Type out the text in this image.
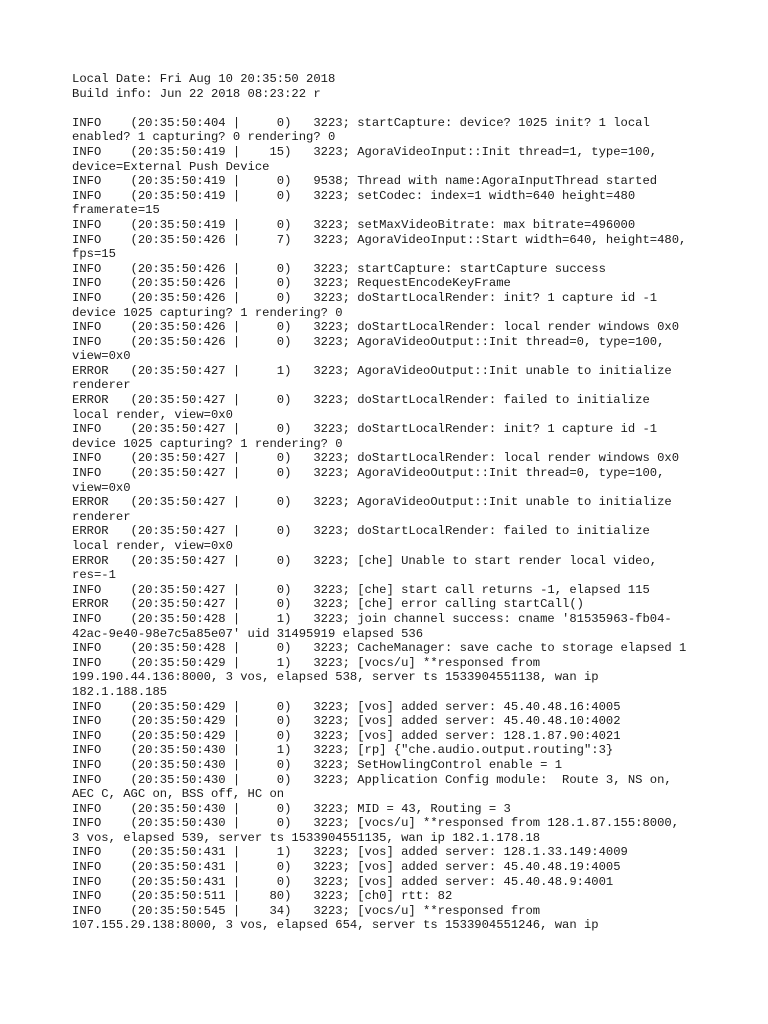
Local Date: Fri Aug 10 20:35:50 2018
Build info: Jun 22 2018 08:23:22 r
INFO    (20:35:50:404 |     0)   3223; startCapture: device? 1025 init? 1 local
enabled? 1 capturing? 0 rendering? 0
INFO    (20:35:50:419 |    15)   3223; AgoraVideoInput::Init thread=1, type=100,
device=External Push Device
INFO    (20:35:50:419 |     0)   9538; Thread with name:AgoraInputThread started
INFO    (20:35:50:419 |     0)   3223; setCodec: index=1 width=640 height=480
framerate=15
INFO    (20:35:50:419 |     0)   3223; setMaxVideoBitrate: max bitrate=496000
INFO    (20:35:50:426 |     7)   3223; AgoraVideoInput::Start width=640, height=480,
fps=15
INFO    (20:35:50:426 |     0)   3223; startCapture: startCapture success
INFO    (20:35:50:426 |     0)   3223; RequestEncodeKeyFrame
INFO    (20:35:50:426 |     0)   3223; doStartLocalRender: init? 1 capture id -1
device 1025 capturing? 1 rendering? 0
INFO    (20:35:50:426 |     0)   3223; doStartLocalRender: local render windows 0x0
INFO    (20:35:50:426 |     0)   3223; AgoraVideoOutput::Init thread=0, type=100,
view=0x0
ERROR   (20:35:50:427 |     1)   3223; AgoraVideoOutput::Init unable to initialize
renderer
ERROR   (20:35:50:427 |     0)   3223; doStartLocalRender: failed to initialize
local render, view=0x0
INFO    (20:35:50:427 |     0)   3223; doStartLocalRender: init? 1 capture id -1
device 1025 capturing? 1 rendering? 0
INFO    (20:35:50:427 |     0)   3223; doStartLocalRender: local render windows 0x0
INFO    (20:35:50:427 |     0)   3223; AgoraVideoOutput::Init thread=0, type=100,
view=0x0
ERROR   (20:35:50:427 |     0)   3223; AgoraVideoOutput::Init unable to initialize
renderer
ERROR   (20:35:50:427 |     0)   3223; doStartLocalRender: failed to initialize
local render, view=0x0
ERROR   (20:35:50:427 |     0)   3223; [che] Unable to start render local video,
res=-1
INFO    (20:35:50:427 |     0)   3223; [che] start call returns -1, elapsed 115
ERROR   (20:35:50:427 |     0)   3223; [che] error calling startCall()
INFO    (20:35:50:428 |     1)   3223; join channel success: cname '81535963-fb04-
42ac-9e40-98e7c5a85e07' uid 31495919 elapsed 536
INFO    (20:35:50:428 |     0)   3223; CacheManager: save cache to storage elapsed 1
INFO    (20:35:50:429 |     1)   3223; [vocs/u] **responsed from
199.190.44.136:8000, 3 vos, elapsed 538, server ts 1533904551138, wan ip
182.1.188.185
INFO    (20:35:50:429 |     0)   3223; [vos] added server: 45.40.48.16:4005
INFO    (20:35:50:429 |     0)   3223; [vos] added server: 45.40.48.10:4002
INFO    (20:35:50:429 |     0)   3223; [vos] added server: 128.1.87.90:4021
INFO    (20:35:50:430 |     1)   3223; [rp] {"che.audio.output.routing":3}
INFO    (20:35:50:430 |     0)   3223; SetHowlingControl enable = 1
INFO    (20:35:50:430 |     0)   3223; Application Config module:  Route 3, NS on,
AEC C, AGC on, BSS off, HC on
INFO    (20:35:50:430 |     0)   3223; MID = 43, Routing = 3
INFO    (20:35:50:430 |     0)   3223; [vocs/u] **responsed from 128.1.87.155:8000,
3 vos, elapsed 539, server ts 1533904551135, wan ip 182.1.178.18
INFO    (20:35:50:431 |     1)   3223; [vos] added server: 128.1.33.149:4009
INFO    (20:35:50:431 |     0)   3223; [vos] added server: 45.40.48.19:4005
INFO    (20:35:50:431 |     0)   3223; [vos] added server: 45.40.48.9:4001
INFO    (20:35:50:511 |    80)   3223; [ch0] rtt: 82
INFO    (20:35:50:545 |    34)   3223; [vocs/u] **responsed from
107.155.29.138:8000, 3 vos, elapsed 654, server ts 1533904551246, wan ip
